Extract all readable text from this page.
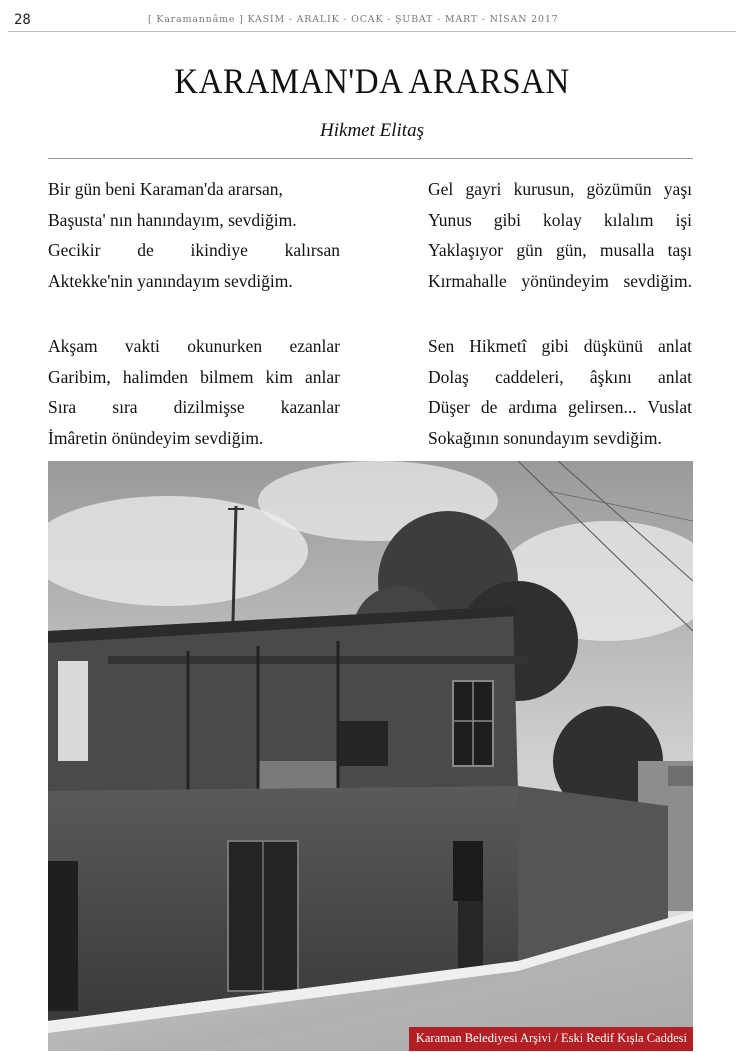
28	[ Karamannâme ] KASIM - ARALIK - OCAK - ŞUBAT - MART - NİSAN 2017
KARAMAN'DA ARARSAN
Hikmet Elitaş
Bir gün beni Karaman'da ararsan,
Başusta' nın hanındayım, sevdiğim.
Gecikir de ikindiye kalırsan
Aktekke'nin yanındayım sevdiğim.
Gel gayri kurusun, gözümün yaşı
Yunus gibi kolay kılalım işi
Yaklaşıyor gün gün, musalla taşı
Kırmahalle yönündeyim sevdiğim.
Akşam vakti okunurken ezanlar
Garibim, halimden bilmem kim anlar
Sıra sıra dizilmişse kazanlar
İmâretin önündeyim sevdiğim.
Sen Hikmetî gibi düşkünü anlat
Dolaş caddeleri, âşkını anlat
Düşer de ardıma gelirsen... Vuslat
Sokağının sonundayım sevdiğim.
Karaman Belediyesi Arşivi / Eski Redif Kışla Caddesi
